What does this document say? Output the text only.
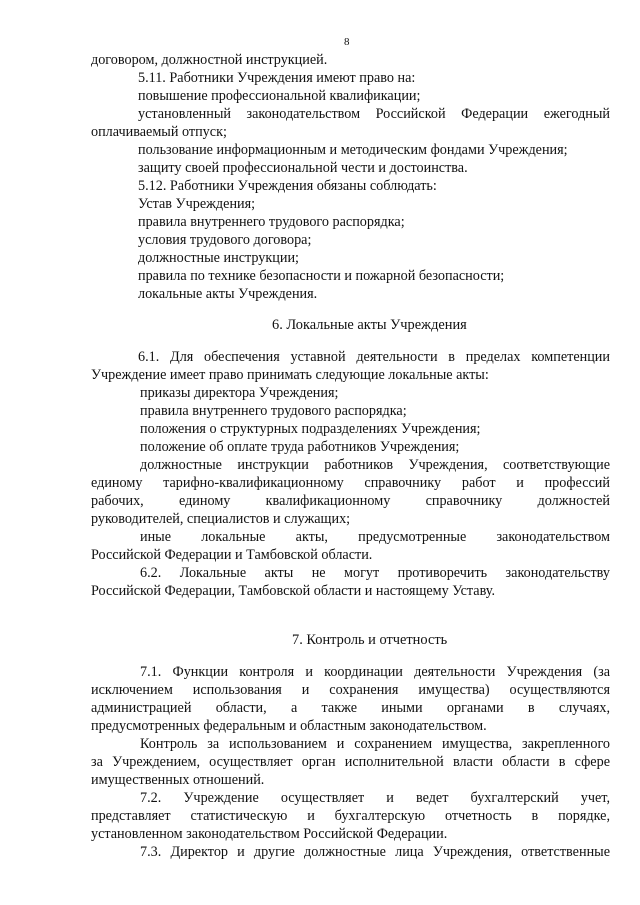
8
договором, должностной инструкцией.
5.11. Работники Учреждения имеют право на:
повышение профессиональной квалификации;
установленный законодательством Российской Федерации ежегодный
оплачиваемый отпуск;
пользование информационным и методическим фондами Учреждения;
защиту своей профессиональной чести и достоинства.
5.12. Работники Учреждения обязаны соблюдать:
Устав Учреждения;
правила внутреннего трудового распорядка;
условия трудового договора;
должностные инструкции;
правила по технике безопасности и пожарной безопасности;
локальные акты Учреждения.
6. Локальные акты Учреждения
6.1. Для обеспечения уставной деятельности в пределах компетенции
Учреждение имеет право принимать следующие локальные акты:
приказы директора Учреждения;
правила внутреннего трудового распорядка;
положения о структурных подразделениях Учреждения;
положение об оплате труда работников Учреждения;
должностные инструкции работников Учреждения, соответствующие
единому тарифно-квалификационному справочнику работ и профессий
рабочих, единому квалификационному справочнику должностей
руководителей, специалистов и служащих;
иные локальные акты, предусмотренные законодательством
Российской Федерации и Тамбовской области.
6.2. Локальные акты не могут противоречить законодательству
Российской Федерации, Тамбовской области и настоящему Уставу.
7. Контроль и отчетность
7.1. Функции контроля и координации деятельности Учреждения (за
исключением использования и сохранения имущества) осуществляются
администрацией области, а также иными органами в случаях,
предусмотренных федеральным и областным законодательством.
Контроль за использованием и сохранением имущества, закрепленного
за Учреждением, осуществляет орган исполнительной власти области в сфере
имущественных отношений.
7.2. Учреждение осуществляет и ведет бухгалтерский учет,
представляет статистическую и бухгалтерскую отчетность в порядке,
установленном законодательством Российской Федерации.
7.3. Директор и другие должностные лица Учреждения, ответственные
